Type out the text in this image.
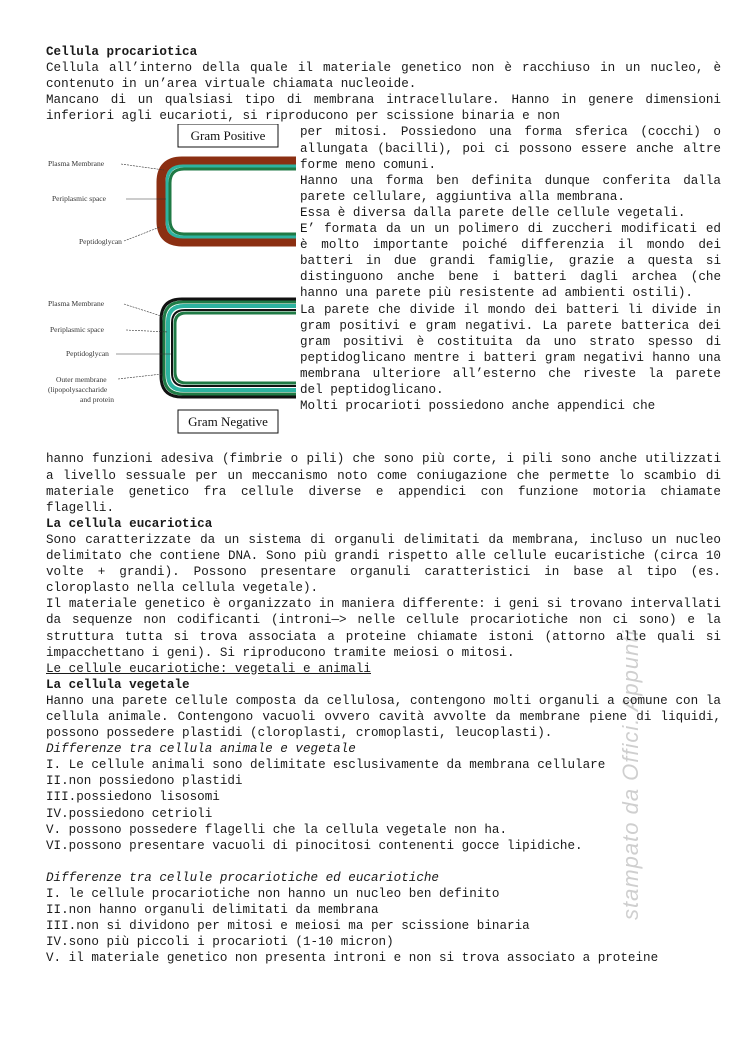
stampato da Offici. Appunti

Cellula procariotica

Cellula all’interno della quale il materiale genetico non è racchiuso in un nucleo, è contenuto in un’area virtuale chiamata nucleoide.

Mancano di un qualsiasi tipo di membrana intracellulare. Hanno in genere dimensioni inferiori agli eucarioti, si riproducono per scissione binaria e non

Gram Positive
Plasma Membrane
Periplasmic space
Peptidoglycan
Plasma Membrane
Periplasmic space
Peptidoglycan
Outer membrane
(lipopolysaccharide
and protein
Gram Negative

per mitosi. Possiedono una forma sferica (cocchi) o allungata (bacilli), poi ci possono essere anche altre forme meno comuni.

Hanno una forma ben definita dunque conferita dalla parete cellulare, aggiuntiva alla membrana.

Essa è diversa dalla parete delle cellule vegetali.

E’ formata da un un polimero di zuccheri modificati ed è molto importante poiché differenzia il mondo dei batteri in due grandi famiglie, grazie a questa si distinguono anche bene i batteri dagli archea (che hanno una parete più resistente ad ambienti ostili).

La parete che divide il mondo dei batteri li divide in gram positivi e gram negativi. La parete batterica dei gram positivi è costituita da uno strato spesso di peptidoglicano mentre i batteri gram negativi hanno una membrana ulteriore all’esterno che riveste la parete del peptidoglicano.

Molti procarioti possiedono anche appendici che

hanno funzioni adesiva (fimbrie o pili) che sono più corte, i pili sono anche utilizzati a livello sessuale per un meccanismo noto come coniugazione che permette lo scambio di materiale genetico fra cellule diverse e appendici con funzione motoria chiamate flagelli.

La cellula eucariotica

Sono caratterizzate da un sistema di organuli delimitati da membrana, incluso un nucleo delimitato che contiene DNA. Sono più grandi rispetto alle cellule eucaristiche (circa 10 volte + grandi). Possono presentare organuli caratteristici in base al tipo (es. cloroplasto nella cellula vegetale).

Il materiale genetico è organizzato in maniera differente: i geni si trovano intervallati da sequenze non codificanti (introni—> nelle cellule procariotiche non ci sono) e la struttura tutta si trova associata a proteine chiamate istoni (attorno alle quali si impacchettano i geni). Si riproducono tramite meiosi o mitosi.

Le cellule eucariotiche: vegetali e animali

La cellula vegetale

Hanno una parete cellule composta da cellulosa, contengono molti organuli a comune con la cellula animale. Contengono vacuoli ovvero cavità avvolte da membrane piene di liquidi, possono possedere plastidi (cloroplasti, cromoplasti, leucoplasti).

Differenze tra cellula animale e vegetale

I. Le cellule animali sono delimitate esclusivamente da membrana cellulare

II.non possiedono plastidi

III.possiedono lisosomi

IV.possiedono cetrioli

V. possono possedere flagelli che la cellula vegetale non ha.

VI.possono presentare vacuoli di pinocitosi contenenti gocce lipidiche.

Differenze tra cellule procariotiche ed eucariotiche

I. le cellule procariotiche non hanno un nucleo ben definito

II.non hanno organuli delimitati da membrana

III.non si dividono per mitosi e meiosi ma per scissione binaria

IV.sono più piccoli i procarioti (1-10 micron)

V. il materiale genetico non presenta introni e non si trova associato a proteine
